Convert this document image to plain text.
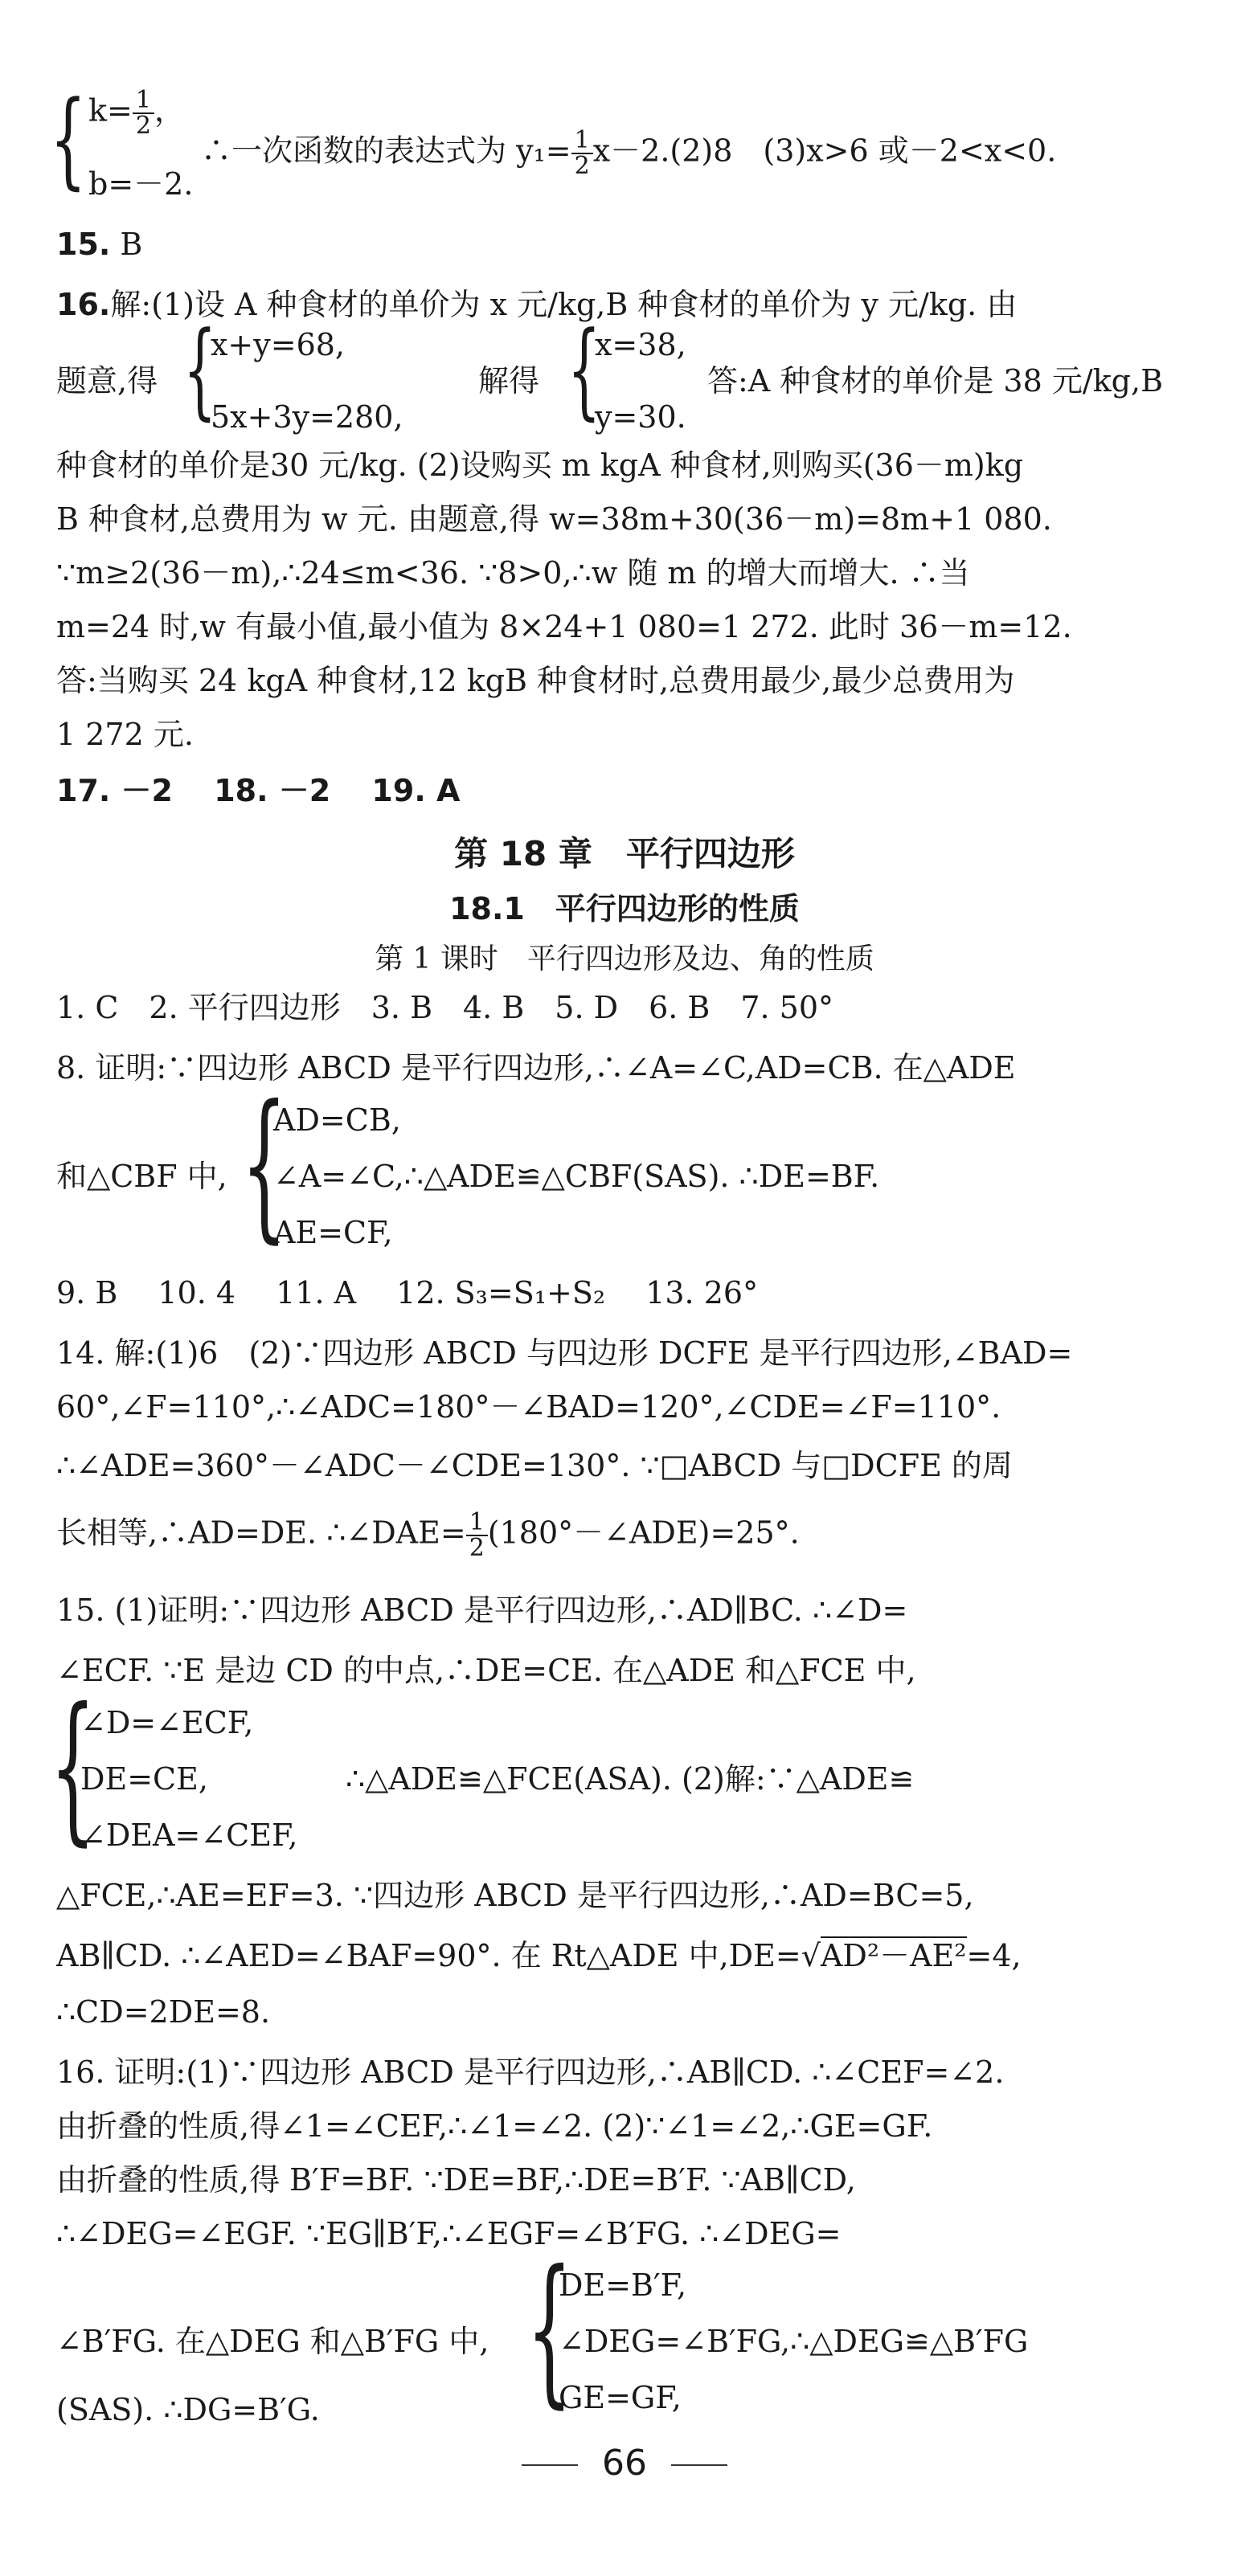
{ $k= \frac{1}{2}$ ，
b=－2.
∴一次函数的表达式为 $y_1= \frac{1}{2} x-2.(2)8$　(3)x>6 或－2<x<0.
15. B
16.解:(1)设 A 种食材的单价为 x 元/kg,B 种食材的单价为 y 元/kg. 由
题意,得 {
x+y=68,
5x+3y=280,
解得 {
x=38,
y=30.
答:A 种食材的单价是 38 元/kg,B
种食材的单价是30 元/kg. (2)设购买 m kgA 种食材,则购买(36－m)kg
B 种食材,总费用为 w 元. 由题意,得 w=38m+30(36－m)=8m+1 080.
∵m≥2(36－m),∴24≤m<36. ∵8>0,∴w 随 m 的增大而增大. ∴当
m=24 时,w 有最小值,最小值为 8×24+1 080=1 272. 此时 36－m=12.
答:当购买 24 kgA 种食材,12 kgB 种食材时,总费用最少,最少总费用为
1 272 元.
17. －2　 18. －2　 19. A
第 18 章　平行四边形
18.1　平行四边形的性质
第 1 课时　平行四边形及边、角的性质
1. C　2. 平行四边形　3. B　4. B　5. D　6. B　7. 50°
8. 证明:∵四边形 ABCD 是平行四边形,∴∠A=∠C,AD=CB. 在△ADE
和△CBF 中, {
AD=CB,
∠A=∠C,∴△ADE≌△CBF(SAS). ∴DE=BF.
AE=CF,
9. B　 10. 4　 11. A　 12. S₃=S₁+S₂　 13. 26°
14. 解:(1)6　(2)∵四边形 ABCD 与四边形 DCFE 是平行四边形,∠BAD=
60°,∠F=110°,∴∠ADC=180°－∠BAD=120°,∠CDE=∠F=110°.
∴∠ADE=360°－∠ADC－∠CDE=130°. ∵□ABCD 与□DCFE 的周
长相等,∴AD=DE. ∴∠DAE= $\frac{1}{2}$ (180°－∠ADE)=25°.
15. (1)证明:∵四边形 ABCD 是平行四边形,∴AD∥BC. ∴∠D=
∠ECF. ∵E 是边 CD 的中点,∴DE=CE. 在△ADE 和△FCE 中,
{
∠D=∠ECF,
DE=CE,	∴△ADE≌△FCE(ASA). (2)解:∵△ADE≌
∠DEA=∠CEF,
△FCE,∴AE=EF=3. ∵四边形 ABCD 是平行四边形,∴AD=BC=5,
AB∥CD. ∴∠AED=∠BAF=90°. 在 Rt△ADE 中,DE=√AD²－AE²=4,
∴CD=2DE=8.
16. 证明:(1)∵四边形 ABCD 是平行四边形,∴AB∥CD. ∴∠CEF=∠2.
由折叠的性质,得∠1=∠CEF,∴∠1=∠2. (2)∵∠1=∠2,∴GE=GF.
由折叠的性质,得 B′F=BF. ∵DE=BF,∴DE=B′F. ∵AB∥CD,
∴∠DEG=∠EGF. ∵EG∥B′F,∴∠EGF=∠B′FG. ∴∠DEG=
∠B′FG. 在△DEG 和△B′FG 中, {
DE=B′F,
∠DEG=∠B′FG,∴△DEG≌△B′FG
GE=GF,
(SAS). ∴DG=B′G.
66
